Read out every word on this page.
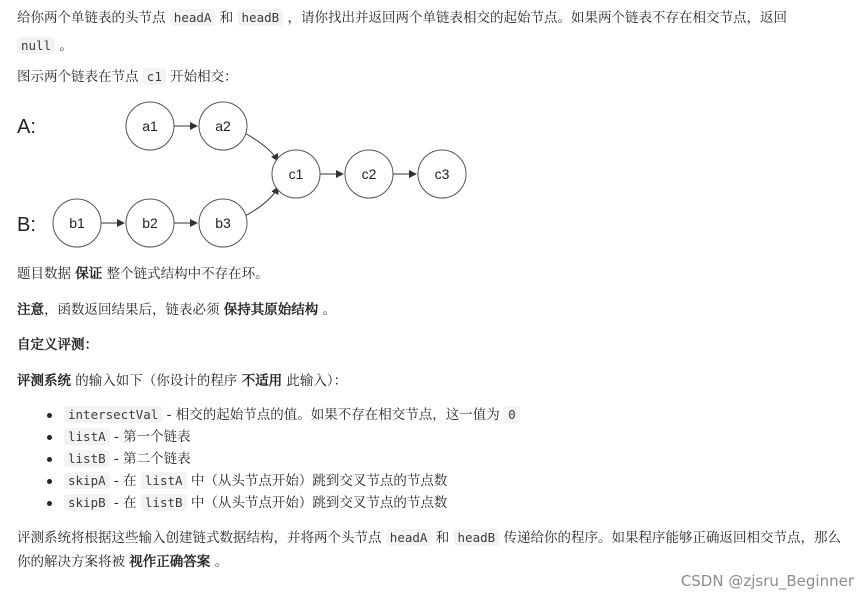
给你两个单链表的头节点 headA 和 headB ，请你找出并返回两个单链表相交的起始节点。如果两个链表不存在相交节点，返回
null 。
图示两个链表在节点 c1 开始相交：
A:
B:
a1	a2
b1	b2	b3
c1	c2	c3
题目数据 保证 整个链式结构中不存在环。
注意，函数返回结果后，链表必须 保持其原始结构 。
自定义评测：
评测系统 的输入如下（你设计的程序 不适用 此输入）：
intersectVal - 相交的起始节点的值。如果不存在相交节点，这一值为 0
listA - 第一个链表
listB - 第二个链表
skipA - 在 listA 中（从头节点开始）跳到交叉节点的节点数
skipB - 在 listB 中（从头节点开始）跳到交叉节点的节点数
评测系统将根据这些输入创建链式数据结构，并将两个头节点 headA 和 headB 传递给你的程序。如果程序能够正确返回相交节点，那么你的解决方案将被 视作正确答案 。
CSDN @zjsru_Beginner
